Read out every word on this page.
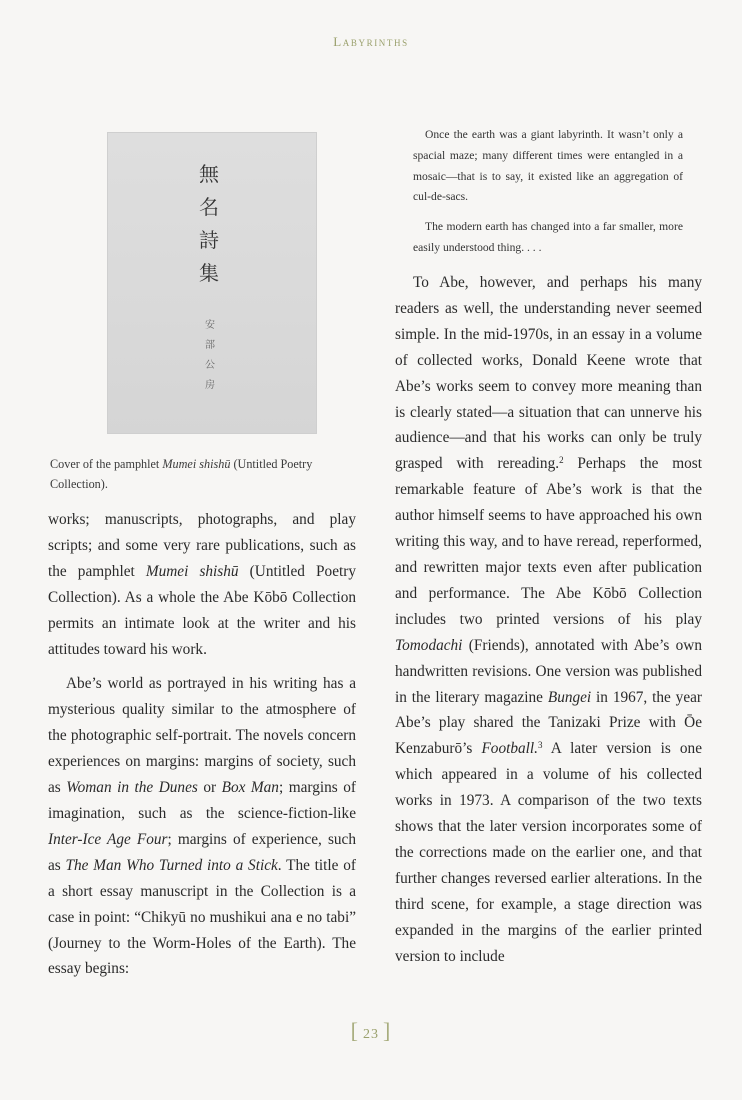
Labyrinths
無
名
詩
集
安
部
公
房
Cover of the pamphlet Mumei shishū (Untitled Poetry Collection).

works; manuscripts, photographs, and play scripts; and some very rare publications, such as the pamphlet Mumei shishū (Untitled Poetry Collection). As a whole the Abe Kōbō Collection permits an intimate look at the writer and his attitudes toward his work.

Abe’s world as portrayed in his writing has a mysterious quality similar to the atmosphere of the photographic self-portrait. The novels concern experiences on margins: margins of society, such as Woman in the Dunes or Box Man; margins of imagination, such as the science-fiction-like Inter-Ice Age Four; margins of experience, such as The Man Who Turned into a Stick. The title of a short essay manuscript in the Collection is a case in point: “Chikyū no mushikui ana e no tabi” (Journey to the Worm-Holes of the Earth). The essay begins:

Once the earth was a giant labyrinth. It wasn’t only a spacial maze; many different times were entangled in a mosaic—that is to say, it existed like an aggregation of cul-de-sacs.

The modern earth has changed into a far smaller, more easily understood thing. . . .

To Abe, however, and perhaps his many readers as well, the understanding never seemed simple. In the mid-1970s, in an essay in a volume of collected works, Donald Keene wrote that Abe’s works seem to convey more meaning than is clearly stated—a situation that can unnerve his audience—and that his works can only be truly grasped with rereading.$^2$ Perhaps the most remarkable feature of Abe’s work is that the author himself seems to have approached his own writing this way, and to have reread, reperformed, and rewritten major texts even after publication and performance. The Abe Kōbō Collection includes two printed versions of his play Tomodachi (Friends), annotated with Abe’s own handwritten revisions. One version was published in the literary magazine Bungei in 1967, the year Abe’s play shared the Tanizaki Prize with Ōe Kenzaburō’s Football.$^3$ A later version is one which appeared in a volume of his collected works in 1973. A comparison of the two texts shows that the later version incorporates some of the corrections made on the earlier one, and that further changes reversed earlier alterations. In the third scene, for example, a stage direction was expanded in the margins of the earlier printed version to include

[ 23 ]
